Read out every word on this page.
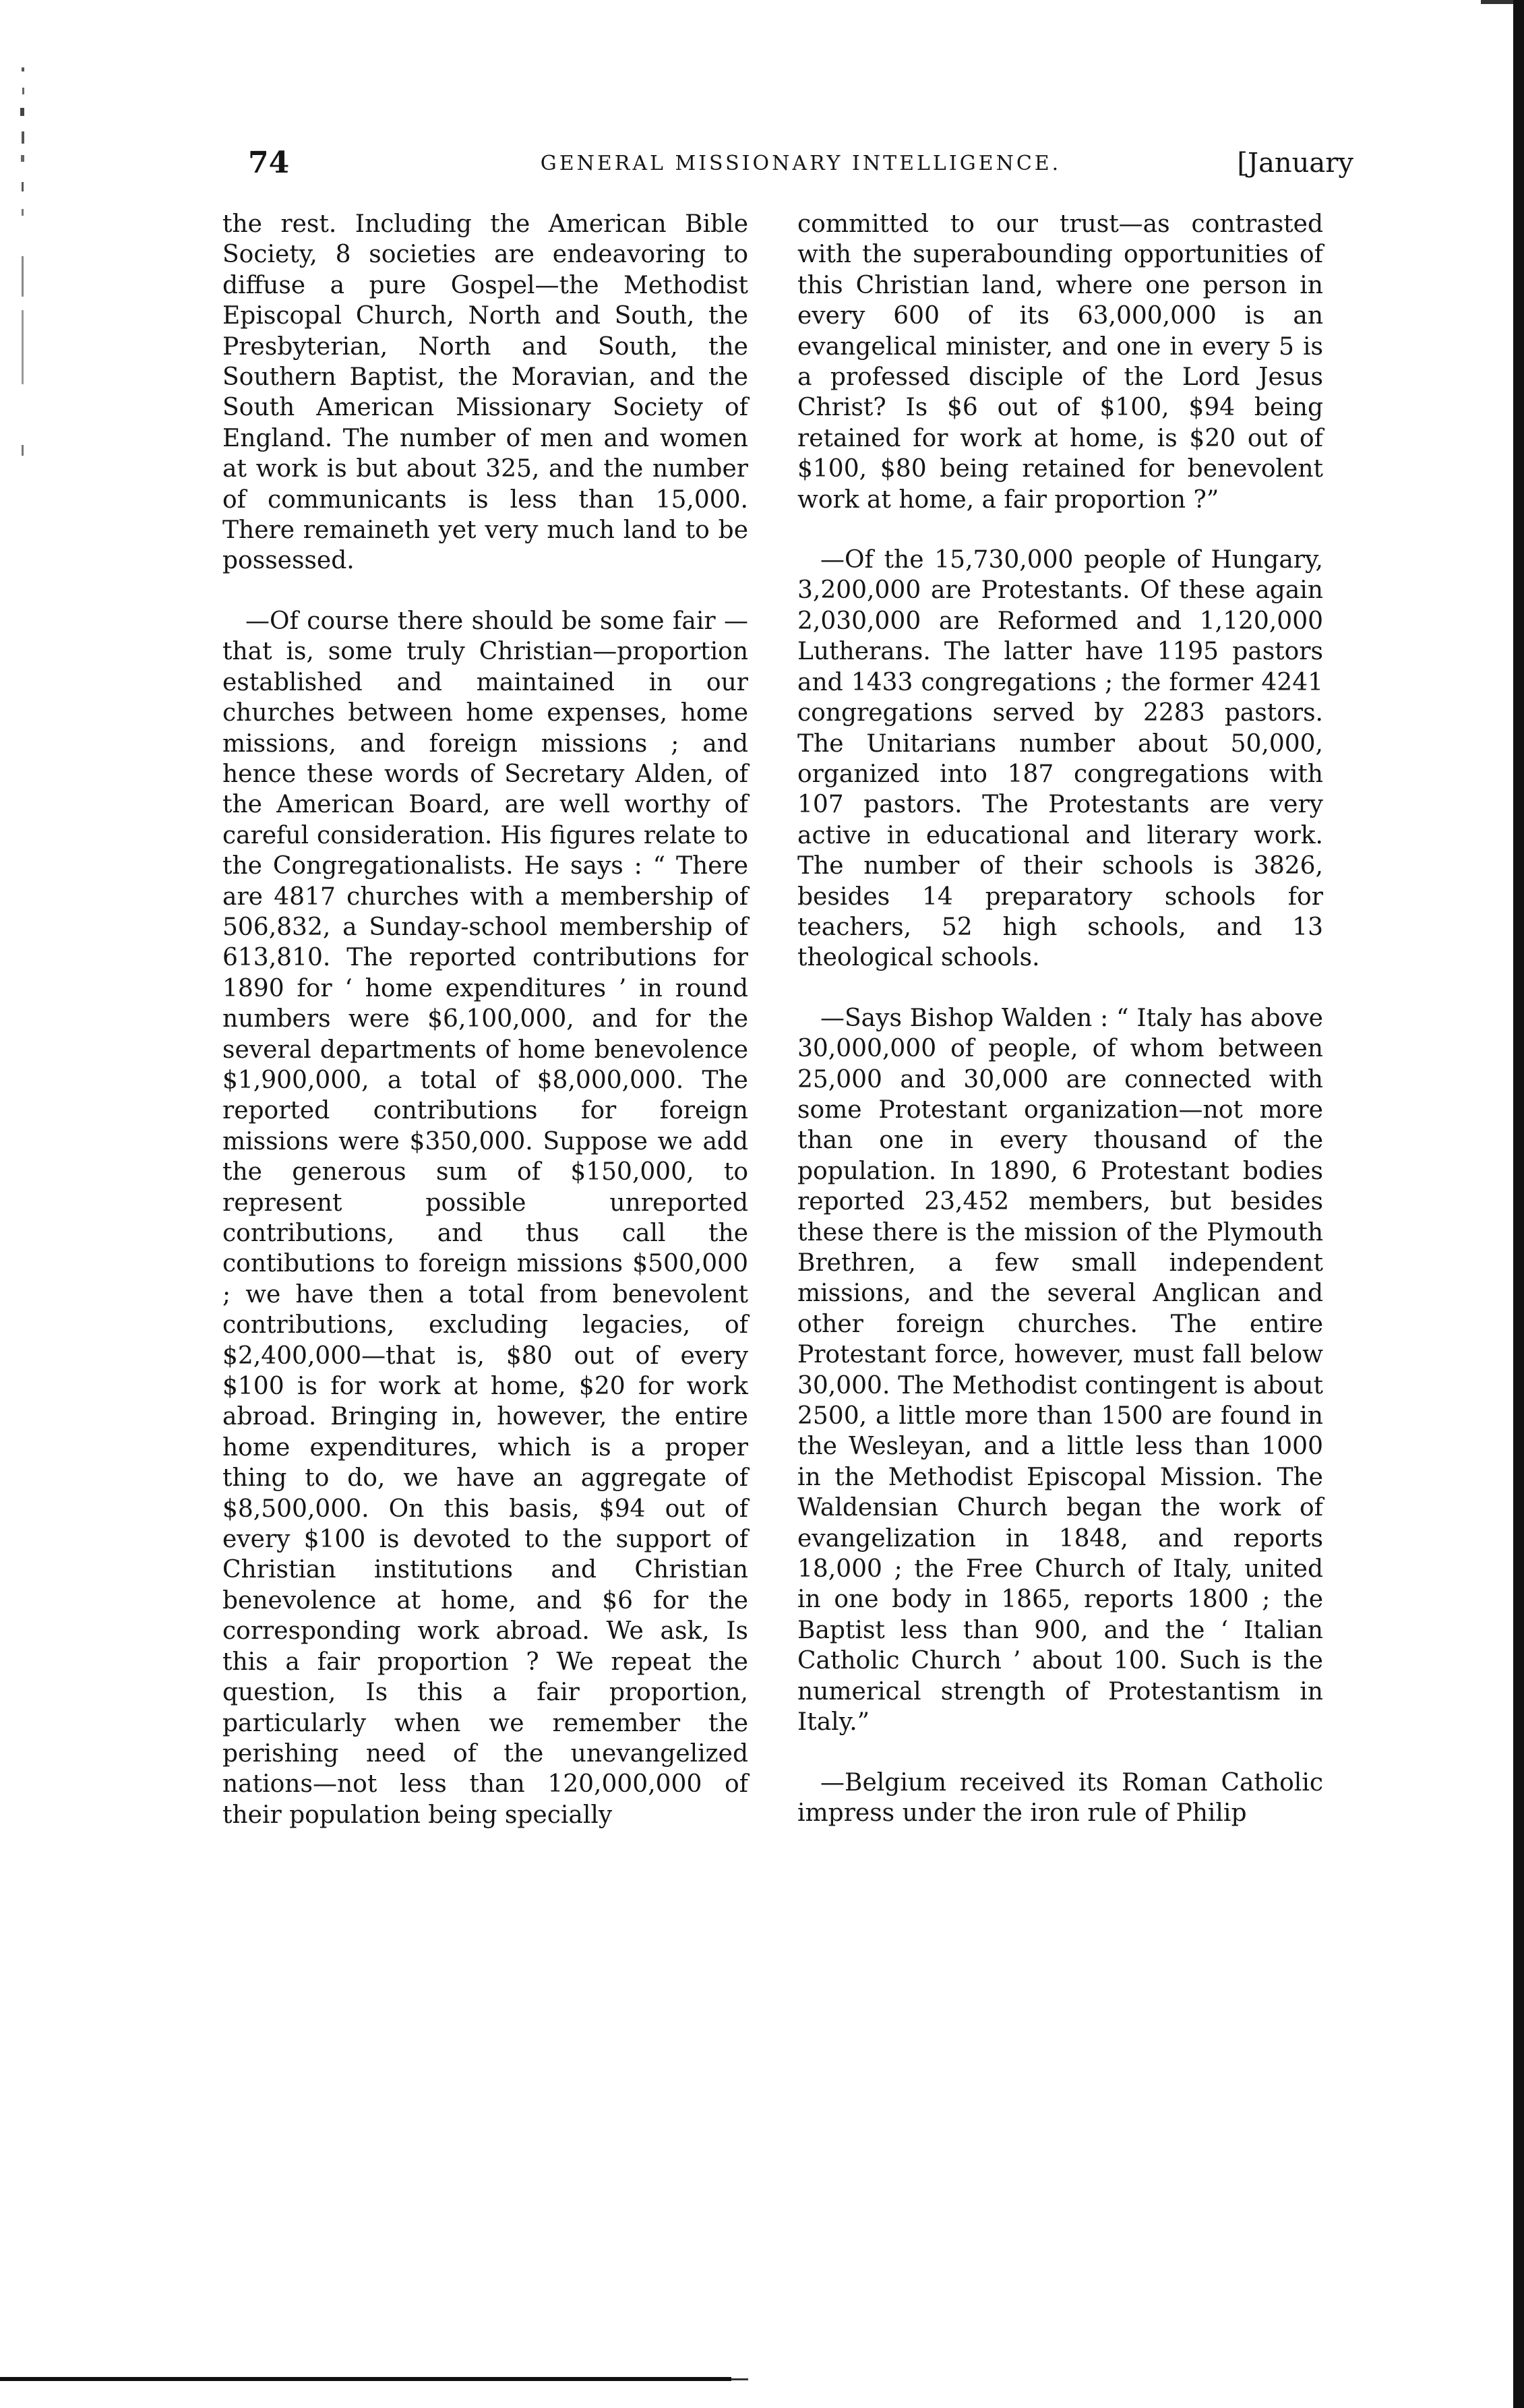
74	GENERAL MISSIONARY INTELLIGENCE.	[January

the rest. Including the American Bible Society, 8 societies are endeavoring to diffuse a pure Gospel—the Methodist Episcopal Church, North and South, the Presbyterian, North and South, the Southern Baptist, the Moravian, and the South American Missionary Society of England. The number of men and women at work is but about 325, and the number of communicants is less than 15,000. There remaineth yet very much land to be possessed.

—Of course there should be some fair —that is, some truly Christian—proportion established and maintained in our churches between home expenses, home missions, and foreign missions ; and hence these words of Secretary Alden, of the American Board, are well worthy of careful consideration. His figures relate to the Congregationalists. He says : “ There are 4817 churches with a membership of 506,832, a Sunday-school membership of 613,810. The reported contributions for 1890 for ‘ home expenditures ’ in round numbers were $6,100,000, and for the several departments of home benevolence $1,900,000, a total of $8,000,000. The reported contributions for foreign missions were $350,000. Suppose we add the generous sum of $150,000, to represent possible unreported contributions, and thus call the contibutions to foreign missions $500,000 ; we have then a total from benevolent contributions, excluding legacies, of $2,400,000—that is, $80 out of every $100 is for work at home, $20 for work abroad. Bringing in, however, the entire home expenditures, which is a proper thing to do, we have an aggregate of $8,500,000. On this basis, $94 out of every $100 is devoted to the support of Christian institutions and Christian benevolence at home, and $6 for the corresponding work abroad. We ask, Is this a fair proportion ? We repeat the question, Is this a fair proportion, particularly when we remember the perishing need of the unevangelized nations—not less than 120,000,000 of their population being specially

committed to our trust—as contrasted with the superabounding opportunities of this Christian land, where one person in every 600 of its 63,000,000 is an evangelical minister, and one in every 5 is a professed disciple of the Lord Jesus Christ? Is $6 out of $100, $94 being retained for work at home, is $20 out of $100, $80 being retained for benevolent work at home, a fair proportion ?”

—Of the 15,730,000 people of Hungary, 3,200,000 are Protestants. Of these again 2,030,000 are Reformed and 1,120,000 Lutherans. The latter have 1195 pastors and 1433 congregations ; the former 4241 congregations served by 2283 pastors. The Unitarians number about 50,000, organized into 187 congregations with 107 pastors. The Protestants are very active in educational and literary work. The number of their schools is 3826, besides 14 preparatory schools for teachers, 52 high schools, and 13 theological schools.

—Says Bishop Walden : “ Italy has above 30,000,000 of people, of whom between 25,000 and 30,000 are connected with some Protestant organization—not more than one in every thousand of the population. In 1890, 6 Protestant bodies reported 23,452 members, but besides these there is the mission of the Plymouth Brethren, a few small independent missions, and the several Anglican and other foreign churches. The entire Protestant force, however, must fall below 30,000. The Methodist contingent is about 2500, a little more than 1500 are found in the Wesleyan, and a little less than 1000 in the Methodist Episcopal Mission. The Waldensian Church began the work of evangelization in 1848, and reports 18,000 ; the Free Church of Italy, united in one body in 1865, reports 1800 ; the Baptist less than 900, and the ‘ Italian Catholic Church ’ about 100. Such is the numerical strength of Protestantism in Italy.”

—Belgium received its Roman Catholic impress under the iron rule of Philip
